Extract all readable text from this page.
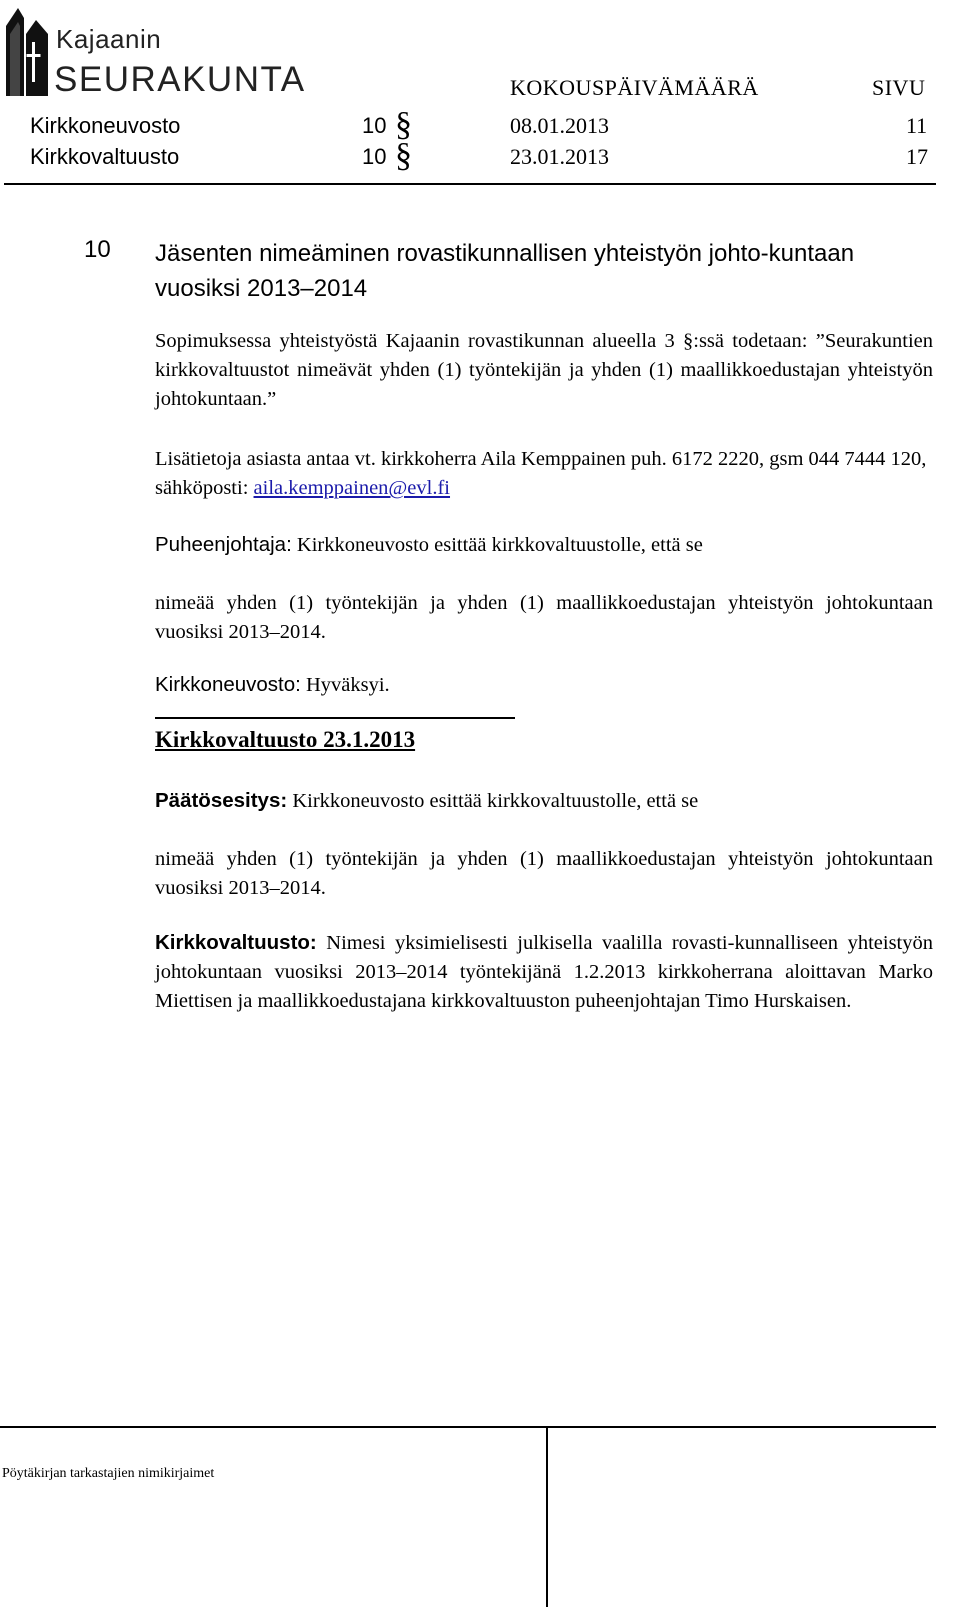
Kajaanin
SEURAKUNTA	KOKOUSPÄIVÄMÄÄRÄ	SIVU
Kirkkoneuvosto	10 §	08.01.2013	11
Kirkkovaltuusto	10 §	23.01.2013	17
10 Jäsenten nimeäminen rovastikunnallisen yhteistyön johto-kuntaan vuosiksi 2013–2014
Sopimuksessa yhteistyöstä Kajaanin rovastikunnan alueella 3 §:ssä todetaan: ”Seurakuntien kirkkovaltuustot nimeävät yhden (1) työntekijän ja yhden (1) maallikkoedustajan yhteistyön johtokuntaan.”
Lisätietoja asiasta antaa vt. kirkkoherra Aila Kemppainen puh. 6172 2220, gsm 044 7444 120, sähköposti: aila.kemppainen@evl.fi
Puheenjohtaja: Kirkkoneuvosto esittää kirkkovaltuustolle, että se
nimeää yhden (1) työntekijän ja yhden (1) maallikkoedustajan yhteistyön johtokuntaan vuosiksi 2013–2014.
Kirkkoneuvosto: Hyväksyi.
Kirkkovaltuusto 23.1.2013
Päätösesitys: Kirkkoneuvosto esittää kirkkovaltuustolle, että se
nimeää yhden (1) työntekijän ja yhden (1) maallikkoedustajan yhteistyön johtokuntaan vuosiksi 2013–2014.
Kirkkovaltuusto: Nimesi yksimielisesti julkisella vaalilla rovasti-kunnalliseen yhteistyön johtokuntaan vuosiksi 2013–2014 työntekijänä 1.2.2013 kirkkoherrana aloittavan Marko Miettisen ja maallikkoedustajana kirkkovaltuuston puheenjohtajan Timo Hurskaisen.
Pöytäkirjan tarkastajien nimikirjaimet
